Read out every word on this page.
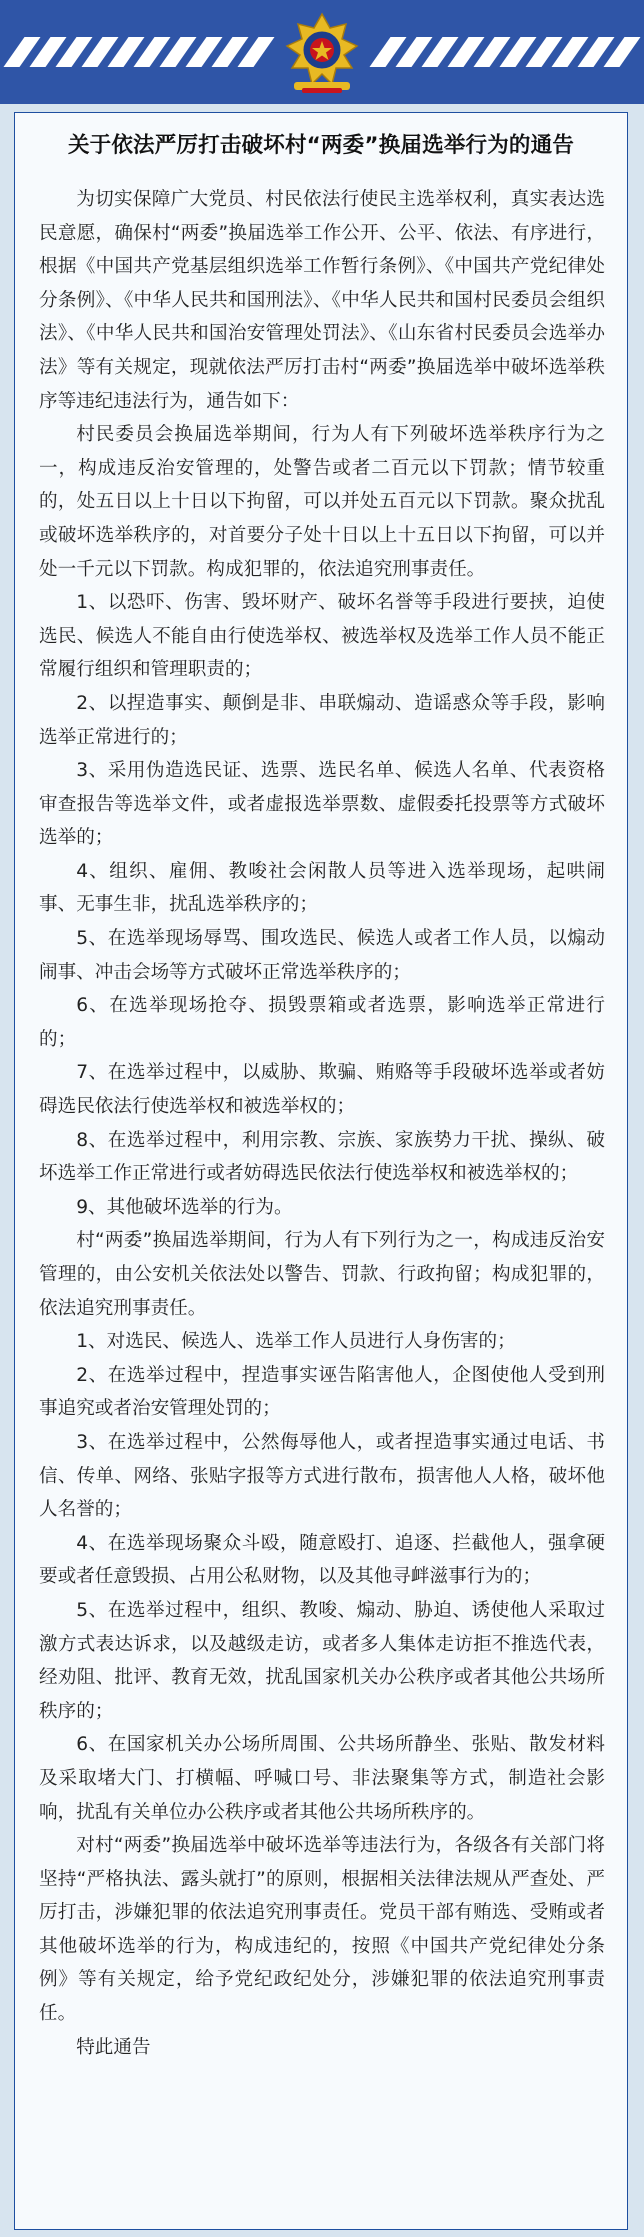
关于依法严厉打击破坏村“两委”换届选举行为的通告

为切实保障广大党员、村民依法行使民主选举权利，真实表达选民意愿，确保村“两委”换届选举工作公开、公平、依法、有序进行，根据《中国共产党基层组织选举工作暂行条例》、《中国共产党纪律处分条例》、《中华人民共和国刑法》、《中华人民共和国村民委员会组织法》、《中华人民共和国治安管理处罚法》、《山东省村民委员会选举办法》等有关规定，现就依法严厉打击村“两委”换届选举中破坏选举秩序等违纪违法行为，通告如下：

村民委员会换届选举期间，行为人有下列破坏选举秩序行为之一，构成违反治安管理的，处警告或者二百元以下罚款；情节较重的，处五日以上十日以下拘留，可以并处五百元以下罚款。聚众扰乱或破坏选举秩序的，对首要分子处十日以上十五日以下拘留，可以并处一千元以下罚款。构成犯罪的，依法追究刑事责任。

1、以恐吓、伤害、毁坏财产、破坏名誉等手段进行要挟，迫使选民、候选人不能自由行使选举权、被选举权及选举工作人员不能正常履行组织和管理职责的；

2、以捏造事实、颠倒是非、串联煽动、造谣惑众等手段，影响选举正常进行的；

3、采用伪造选民证、选票、选民名单、候选人名单、代表资格审查报告等选举文件，或者虚报选举票数、虚假委托投票等方式破坏选举的；

4、组织、雇佣、教唆社会闲散人员等进入选举现场，起哄闹事、无事生非，扰乱选举秩序的；

5、在选举现场辱骂、围攻选民、候选人或者工作人员，以煽动闹事、冲击会场等方式破坏正常选举秩序的；

6、在选举现场抢夺、损毁票箱或者选票，影响选举正常进行的；

7、在选举过程中，以威胁、欺骗、贿赂等手段破坏选举或者妨碍选民依法行使选举权和被选举权的；

8、在选举过程中，利用宗教、宗族、家族势力干扰、操纵、破坏选举工作正常进行或者妨碍选民依法行使选举权和被选举权的；

9、其他破坏选举的行为。

村“两委”换届选举期间，行为人有下列行为之一，构成违反治安管理的，由公安机关依法处以警告、罚款、行政拘留；构成犯罪的，依法追究刑事责任。

1、对选民、候选人、选举工作人员进行人身伤害的；

2、在选举过程中，捏造事实诬告陷害他人，企图使他人受到刑事追究或者治安管理处罚的；

3、在选举过程中，公然侮辱他人，或者捏造事实通过电话、书信、传单、网络、张贴字报等方式进行散布，损害他人人格，破坏他人名誉的；

4、在选举现场聚众斗殴，随意殴打、追逐、拦截他人，强拿硬要或者任意毁损、占用公私财物，以及其他寻衅滋事行为的；

5、在选举过程中，组织、教唆、煽动、胁迫、诱使他人采取过激方式表达诉求，以及越级走访，或者多人集体走访拒不推选代表，经劝阻、批评、教育无效，扰乱国家机关办公秩序或者其他公共场所秩序的；

6、在国家机关办公场所周围、公共场所静坐、张贴、散发材料及采取堵大门、打横幅、呼喊口号、非法聚集等方式，制造社会影响，扰乱有关单位办公秩序或者其他公共场所秩序的。

对村“两委”换届选举中破坏选举等违法行为，各级各有关部门将坚持“严格执法、露头就打”的原则，根据相关法律法规从严查处、严厉打击，涉嫌犯罪的依法追究刑事责任。党员干部有贿选、受贿或者其他破坏选举的行为，构成违纪的，按照《中国共产党纪律处分条例》等有关规定，给予党纪政纪处分，涉嫌犯罪的依法追究刑事责任。

特此通告
